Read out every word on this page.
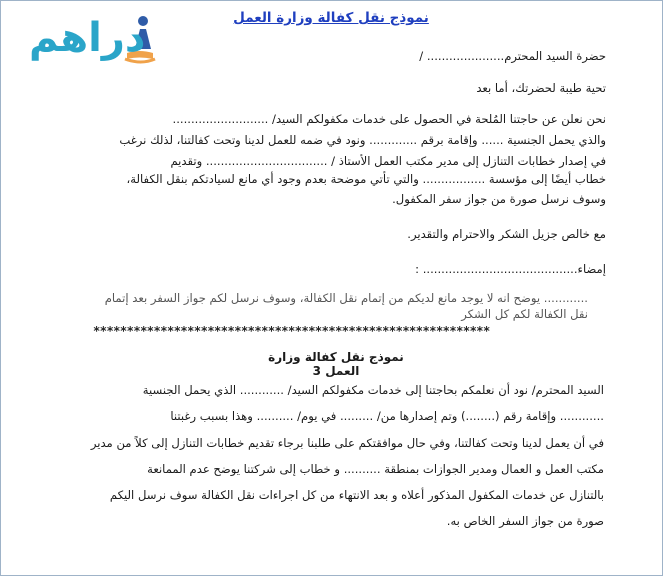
دراهم	نموذج نقل كفالة وزارة العمل
حضرة السيد المحترم..................... /
تحية طيبة لحضرتك، أما بعد
نحن نعلن عن حاجتنا المُلحة في الحصول على خدمات مكفولكم السيد/ ..........................
والذي يحمل الجنسية ...... وإقامة برقم ............. ونود في ضمه للعمل لدينا وتحت كفالتنا، لذلك نرغب
في إصدار خطابات التنازل إلى مدير مكتب العمل الأستاذ / ................................. وتقديم
خطاب أيضًا إلى مؤسسة ................. والتي تأتي موضحة بعدم وجود أي مانع لسيادتكم بنقل الكفالة،
وسوف نرسل صورة من جواز سفر المكفول.
مع خالص جزيل الشكر والاحترام والتقدير.
إمضاء.......................................... :
............ يوضح انه لا يوجد مانع لديكم من إتمام نقل الكفالة، وسوف نرسل لكم جواز السفر بعد إتمام
نقل الكفالة لكم كل الشكر
***********************************************************
نموذج نقل كفالة وزارة العمل 3
السيد المحترم/ نود أن نعلمكم بحاجتنا إلى خدمات مكفولكم السيد/ ............ الذي يحمل الجنسية
............ وإقامة رقم (........) وتم إصدارها من/ ......... في يوم/ .......... وهذا بسبب رغبتنا
في أن يعمل لدينا وتحت كفالتنا، وفي حال موافقتكم على طلبنا برجاء تقديم خطابات التنازل إلى كلاً من مدير
مكتب العمل و العمال ومدير الجوازات بمنطقة .......... و خطاب إلى شركتنا يوضح عدم الممانعة
بالتنازل عن خدمات المكفول المذكور أعلاه و بعد الانتهاء من كل اجراءات نقل الكفالة سوف نرسل اليكم
صورة من جواز السفر الخاص به.
